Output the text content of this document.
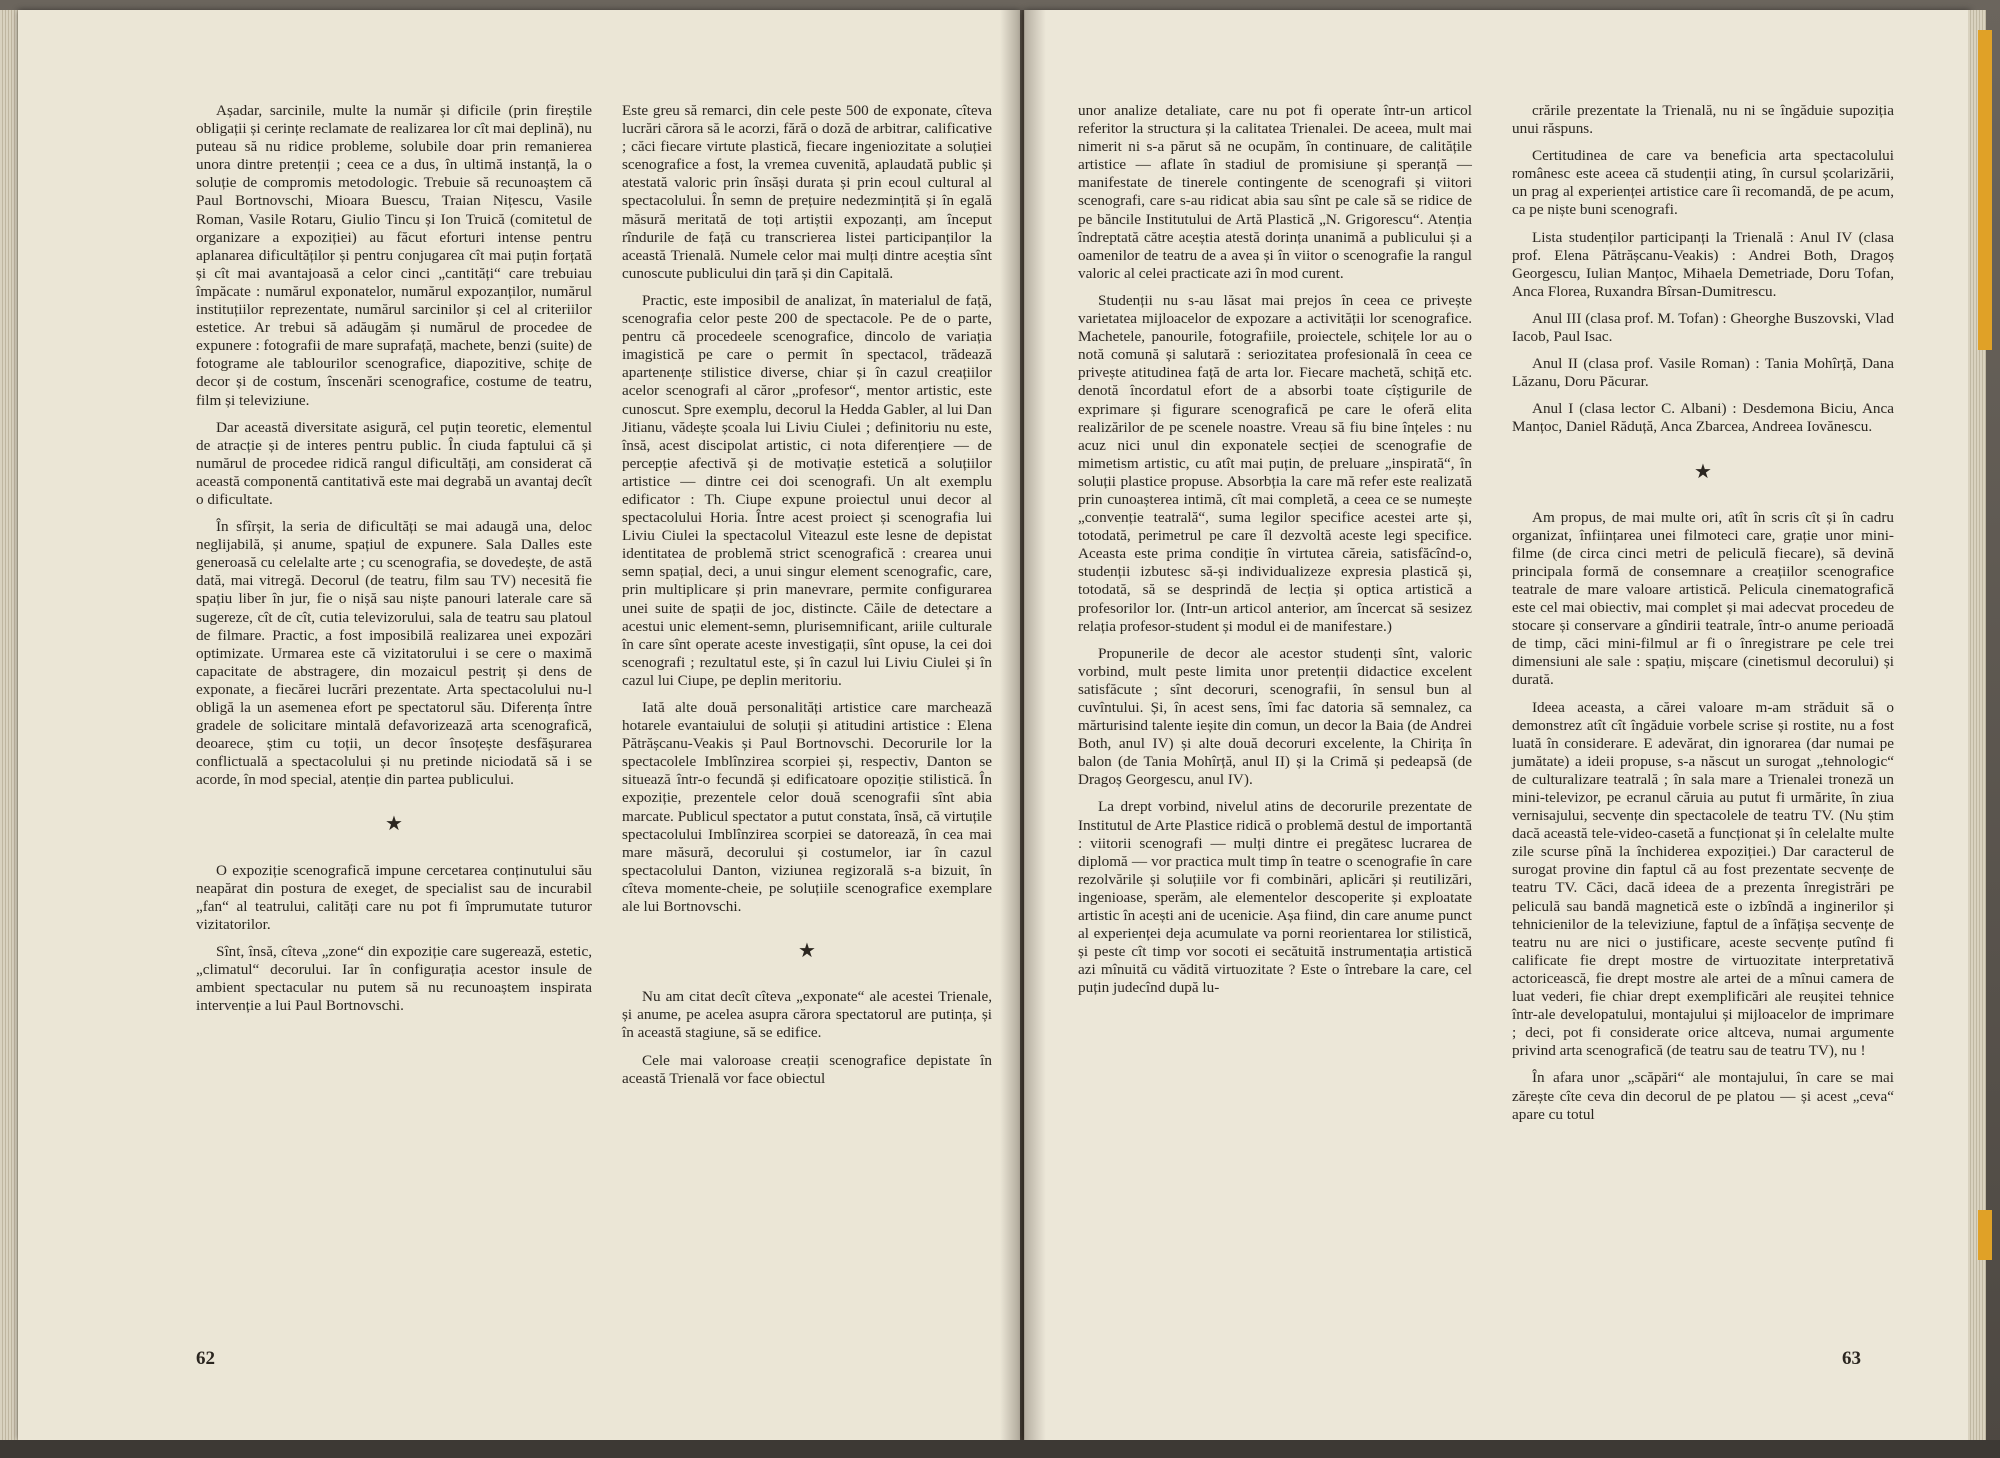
Așadar, sarcinile, multe la număr și dificile (prin fireștile obligații și cerințe reclamate de realizarea lor cît mai deplină), nu puteau să nu ridice probleme, solubile doar prin remanierea unora dintre pretenții ; ceea ce a dus, în ultimă instanță, la o soluție de compromis metodologic. Trebuie să recunoaștem că Paul Bortnovschi, Mioara Buescu, Traian Nițescu, Vasile Roman, Vasile Rotaru, Giulio Tincu și Ion Truică (comitetul de organizare a expoziției) au făcut eforturi intense pentru aplanarea dificultăților și pentru conjugarea cît mai puțin forțată și cît mai avantajoasă a celor cinci „cantități“ care trebuiau împăcate : numărul exponatelor, numărul expozanților, numărul instituțiilor reprezentate, numărul sarcinilor și cel al criteriilor estetice. Ar trebui să adăugăm și numărul de procedee de expunere : fotografii de mare suprafață, machete, benzi (suite) de fotograme ale tablourilor scenografice, diapozitive, schițe de decor și de costum, înscenări scenografice, costume de teatru, film și televiziune.

Dar această diversitate asigură, cel puțin teoretic, elementul de atracție și de interes pentru public. În ciuda faptului că și numărul de procedee ridică rangul dificultăți, am considerat că această componentă cantitativă este mai degrabă un avantaj decît o dificultate.

În sfîrșit, la seria de dificultăți se mai adaugă una, deloc neglijabilă, și anume, spațiul de expunere. Sala Dalles este generoasă cu celelalte arte ; cu scenografia, se dovedește, de astă dată, mai vitregă. Decorul (de teatru, film sau TV) necesită fie spațiu liber în jur, fie o nișă sau niște panouri laterale care să sugereze, cît de cît, cutia televizorului, sala de teatru sau platoul de filmare. Practic, a fost imposibilă realizarea unei expozări optimizate. Urmarea este că vizitatorului i se cere o maximă capacitate de abstragere, din mozaicul pestriț și dens de exponate, a fiecărei lucrări prezentate. Arta spectacolului nu-l obligă la un asemenea efort pe spectatorul său. Diferența între gradele de solicitare mintală defavorizează arta scenografică, deoarece, știm cu toții, un decor însoțește desfășurarea conflictuală a spectacolului și nu pretinde niciodată să i se acorde, în mod special, atenție din partea publicului.

★

O expoziție scenografică impune cercetarea conținutului său neapărat din postura de exeget, de specialist sau de incurabil „fan“ al teatrului, calități care nu pot fi împrumutate tuturor vizitatorilor.

Sînt, însă, cîteva „zone“ din expoziție care sugerează, estetic, „climatul“ decorului. Iar în configurația acestor insule de ambient spectacular nu putem să nu recunoaștem inspirata intervenție a lui Paul Bortnovschi.

Este greu să remarci, din cele peste 500 de exponate, cîteva lucrări cărora să le acorzi, fără o doză de arbitrar, calificative ; căci fiecare virtute plastică, fiecare ingeniozitate a soluției scenografice a fost, la vremea cuvenită, aplaudată public și atestată valoric prin însăși durata și prin ecoul cultural al spectacolului. În semn de prețuire nedezmințită și în egală măsură meritată de toți artiștii expozanți, am început rîndurile de față cu transcrierea listei participanților la această Trienală. Numele celor mai mulți dintre aceștia sînt cunoscute publicului din țară și din Capitală.

Practic, este imposibil de analizat, în materialul de față, scenografia celor peste 200 de spectacole. Pe de o parte, pentru că procedeele scenografice, dincolo de variația imagistică pe care o permit în spectacol, trădează apartenențe stilistice diverse, chiar și în cazul creațiilor acelor scenografi al căror „profesor“, mentor artistic, este cunoscut. Spre exemplu, decorul la Hedda Gabler, al lui Dan Jitianu, vădește școala lui Liviu Ciulei ; definitoriu nu este, însă, acest discipolat artistic, ci nota diferențiere — de percepție afectivă și de motivație estetică a soluțiilor artistice — dintre cei doi scenografi. Un alt exemplu edificator : Th. Ciupe expune proiectul unui decor al spectacolului Horia. Între acest proiect și scenografia lui Liviu Ciulei la spectacolul Viteazul este lesne de depistat identitatea de problemă strict scenografică : crearea unui semn spațial, deci, a unui singur element scenografic, care, prin multiplicare și prin manevrare, permite configurarea unei suite de spații de joc, distincte. Căile de detectare a acestui unic element-semn, plurisemnificant, ariile culturale în care sînt operate aceste investigații, sînt opuse, la cei doi scenografi ; rezultatul este, și în cazul lui Liviu Ciulei și în cazul lui Ciupe, pe deplin meritoriu.

Iată alte două personalități artistice care marchează hotarele evantaiului de soluții și atitudini artistice : Elena Pătrășcanu-Veakis și Paul Bortnovschi. Decorurile lor la spectacolele Imblînzirea scorpiei și, respectiv, Danton se situează într-o fecundă și edificatoare opoziție stilistică. În expoziție, prezentele celor două scenografii sînt abia marcate. Publicul spectator a putut constata, însă, că virtuțile spectacolului Imblînzirea scorpiei se datorează, în cea mai mare măsură, decorului și costumelor, iar în cazul spectacolului Danton, viziunea regizorală s-a bizuit, în cîteva momente-cheie, pe soluțiile scenografice exemplare ale lui Bortnovschi.

★

Nu am citat decît cîteva „exponate“ ale acestei Trienale, și anume, pe acelea asupra cărora spectatorul are putința, și în această stagiune, să se edifice.

Cele mai valoroase creații scenografice depistate în această Trienală vor face obiectul

62

unor analize detaliate, care nu pot fi operate într-un articol referitor la structura și la calitatea Trienalei. De aceea, mult mai nimerit ni s-a părut să ne ocupăm, în continuare, de calitățile artistice — aflate în stadiul de promisiune și speranță — manifestate de tinerele contingente de scenografi și viitori scenografi, care s-au ridicat abia sau sînt pe cale să se ridice de pe băncile Institutului de Artă Plastică „N. Grigorescu“. Atenția îndreptată către aceștia atestă dorința unanimă a publicului și a oamenilor de teatru de a avea și în viitor o scenografie la rangul valoric al celei practicate azi în mod curent.

Studenții nu s-au lăsat mai prejos în ceea ce privește varietatea mijloacelor de expozare a activității lor scenografice. Machetele, panourile, fotografiile, proiectele, schițele lor au o notă comună și salutară : seriozitatea profesională în ceea ce privește atitudinea față de arta lor. Fiecare machetă, schiță etc. denotă încordatul efort de a absorbi toate cîștigurile de exprimare și figurare scenografică pe care le oferă elita realizărilor de pe scenele noastre. Vreau să fiu bine înțeles : nu acuz nici unul din exponatele secției de scenografie de mimetism artistic, cu atît mai puțin, de preluare „inspirată“, în soluții plastice propuse. Absorbția la care mă refer este realizată prin cunoașterea intimă, cît mai completă, a ceea ce se numește „convenție teatrală“, suma legilor specifice acestei arte și, totodată, perimetrul pe care îl dezvoltă aceste legi specifice. Aceasta este prima condiție în virtutea căreia, satisfăcînd-o, studenții izbutesc să-și individualizeze expresia plastică și, totodată, să se desprindă de lecția și optica artistică a profesorilor lor. (Intr-un articol anterior, am încercat să sesizez relația profesor-student și modul ei de manifestare.)

Propunerile de decor ale acestor studenți sînt, valoric vorbind, mult peste limita unor pretenții didactice excelent satisfăcute ; sînt decoruri, scenografii, în sensul bun al cuvîntului. Și, în acest sens, îmi fac datoria să semnalez, ca mărturisind talente ieșite din comun, un decor la Baia (de Andrei Both, anul IV) și alte două decoruri excelente, la Chirița în balon (de Tania Mohîrță, anul II) și la Crimă și pedeapsă (de Dragoș Georgescu, anul IV).

La drept vorbind, nivelul atins de decorurile prezentate de Institutul de Arte Plastice ridică o problemă destul de importantă : viitorii scenografi — mulți dintre ei pregătesc lucrarea de diplomă — vor practica mult timp în teatre o scenografie în care rezolvările și soluțiile vor fi combinări, aplicări și reutilizări, ingenioase, sperăm, ale elementelor descoperite și exploatate artistic în acești ani de ucenicie. Așa fiind, din care anume punct al experienței deja acumulate va porni reorientarea lor stilistică, și peste cît timp vor socoti ei secătuită instrumentația artistică azi mînuită cu vădită virtuozitate ? Este o întrebare la care, cel puțin judecînd după lu-

crările prezentate la Trienală, nu ni se îngăduie supoziția unui răspuns.

Certitudinea de care va beneficia arta spectacolului românesc este aceea că studenții ating, în cursul școlarizării, un prag al experienței artistice care îi recomandă, de pe acum, ca pe niște buni scenografi.

Lista studenților participanți la Trienală : Anul IV (clasa prof. Elena Pătrășcanu-Veakis) : Andrei Both, Dragoș Georgescu, Iulian Manțoc, Mihaela Demetriade, Doru Tofan, Anca Florea, Ruxandra Bîrsan-Dumitrescu.

Anul III (clasa prof. M. Tofan) : Gheorghe Buszovski, Vlad Iacob, Paul Isac.

Anul II (clasa prof. Vasile Roman) : Tania Mohîrță, Dana Lăzanu, Doru Păcurar.

Anul I (clasa lector C. Albani) : Desdemona Biciu, Anca Manțoc, Daniel Răduță, Anca Zbarcea, Andreea Iovănescu.

★

Am propus, de mai multe ori, atît în scris cît și în cadru organizat, înființarea unei filmoteci care, grație unor mini-filme (de circa cinci metri de peliculă fiecare), să devină principala formă de consemnare a creațiilor scenografice teatrale de mare valoare artistică. Pelicula cinematografică este cel mai obiectiv, mai complet și mai adecvat procedeu de stocare și conservare a gîndirii teatrale, într-o anume perioadă de timp, căci mini-filmul ar fi o înregistrare pe cele trei dimensiuni ale sale : spațiu, mișcare (cinetismul decorului) și durată.

Ideea aceasta, a cărei valoare m-am străduit să o demonstrez atît cît îngăduie vorbele scrise și rostite, nu a fost luată în considerare. E adevărat, din ignorarea (dar numai pe jumătate) a ideii propuse, s-a născut un surogat „tehnologic“ de culturalizare teatrală ; în sala mare a Trienalei troneză un mini-televizor, pe ecranul căruia au putut fi urmărite, în ziua vernisajului, secvențe din spectacolele de teatru TV. (Nu știm dacă această tele-video-casetă a funcționat și în celelalte multe zile scurse pînă la închiderea expoziției.) Dar caracterul de surogat provine din faptul că au fost prezentate secvențe de teatru TV. Căci, dacă ideea de a prezenta înregistrări pe peliculă sau bandă magnetică este o izbîndă a inginerilor și tehnicienilor de la televiziune, faptul de a înfățișa secvențe de teatru nu are nici o justificare, aceste secvențe putînd fi calificate fie drept mostre de virtuozitate interpretativă actoricească, fie drept mostre ale artei de a mînui camera de luat vederi, fie chiar drept exemplificări ale reușitei tehnice într-ale developatului, montajului și mijloacelor de imprimare ; deci, pot fi considerate orice altceva, numai argumente privind arta scenografică (de teatru sau de teatru TV), nu !

În afara unor „scăpări“ ale montajului, în care se mai zărește cîte ceva din decorul de pe platou — și acest „ceva“ apare cu totul

63
